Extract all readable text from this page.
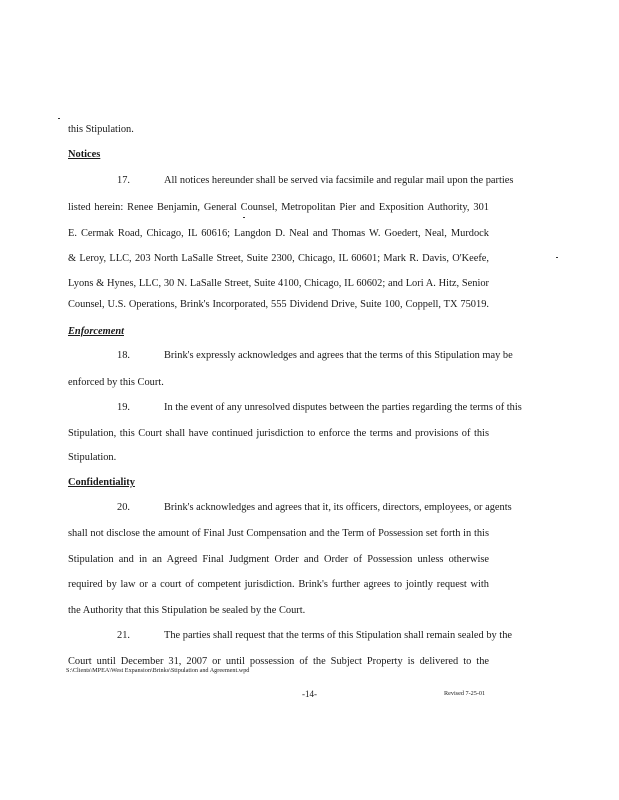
this Stipulation.
Notices
17.	All notices hereunder shall be served via facsimile and regular mail upon the parties
listed herein: Renee Benjamin, General Counsel, Metropolitan Pier and Exposition Authority, 301
E. Cermak Road, Chicago, IL 60616; Langdon D. Neal and Thomas W. Goedert, Neal, Murdock
& Leroy, LLC, 203 North LaSalle Street, Suite 2300, Chicago, IL 60601; Mark R. Davis, O'Keefe,
Lyons & Hynes, LLC, 30 N. LaSalle Street, Suite 4100, Chicago, IL 60602; and Lori A. Hitz, Senior
Counsel, U.S. Operations, Brink's Incorporated, 555 Dividend Drive, Suite 100, Coppell, TX 75019.
Enforcement
18.	Brink's expressly acknowledges and agrees that the terms of this Stipulation may be
enforced by this Court.
19.	In the event of any unresolved disputes between the parties regarding the terms of this
Stipulation, this Court shall have continued jurisdiction to enforce the terms and provisions of this
Stipulation.
Confidentiality
20.	Brink's acknowledges and agrees that it, its officers, directors, employees, or agents
shall not disclose the amount of Final Just Compensation and the Term of Possession set forth in this
Stipulation and in an Agreed Final Judgment Order and Order of Possession unless otherwise
required by law or a court of competent jurisdiction. Brink's further agrees to jointly request with
the Authority that this Stipulation be sealed by the Court.
21.	The parties shall request that the terms of this Stipulation shall remain sealed by the
Court until December 31, 2007 or until possession of the Subject Property is delivered to the
S:\Clients\MPEA\West Expansion\Brinks\Stipulation and Agreement.wpd
-14-	Revised 7-25-01
